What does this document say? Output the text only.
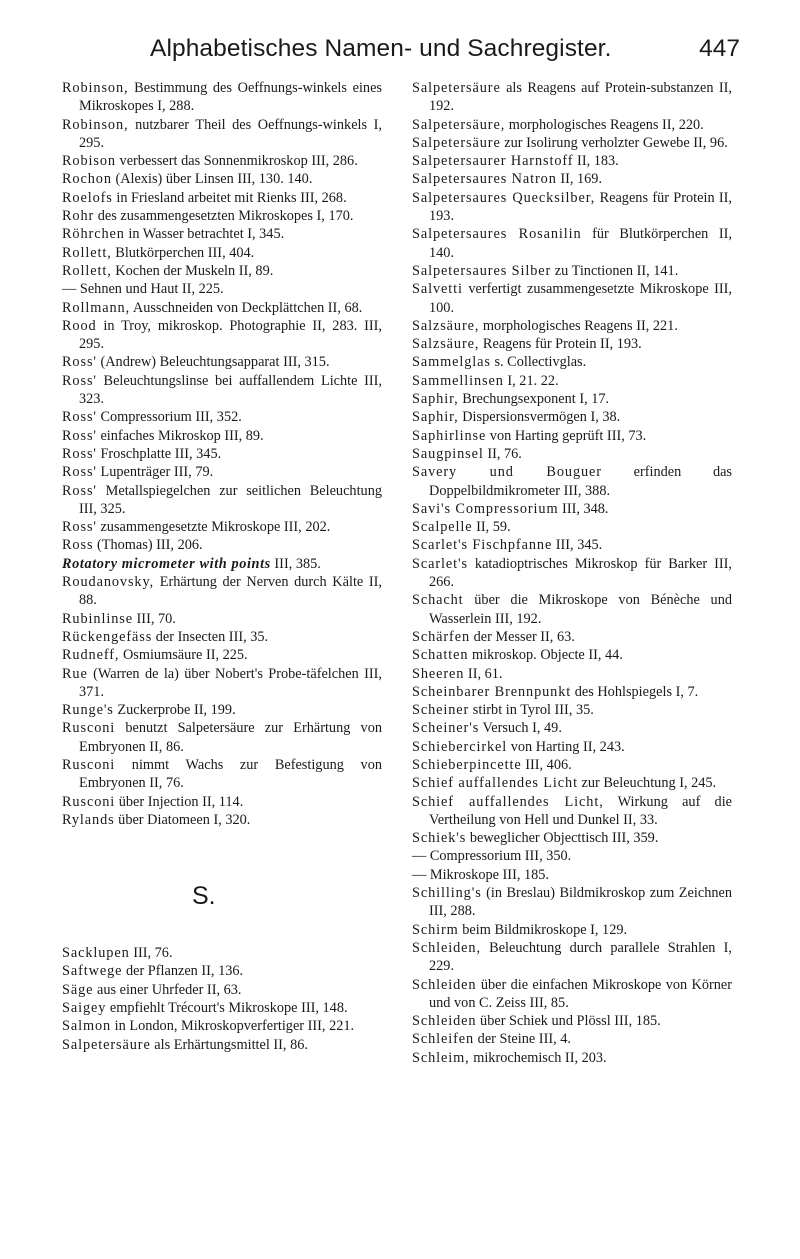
Alphabetisches Namen- und Sachregister.	447

Robinson, Bestimmung des Oeffnungs-winkels eines Mikroskopes I, 288.

Robinson, nutzbarer Theil des Oeffnungs-winkels I, 295.

Robison verbessert das Sonnenmikroskop III, 286.

Rochon (Alexis) über Linsen III, 130. 140.

Roelofs in Friesland arbeitet mit Rienks III, 268.

Rohr des zusammengesetzten Mikroskopes I, 170.

Röhrchen in Wasser betrachtet I, 345.

Rollett, Blutkörperchen III, 404.

Rollett, Kochen der Muskeln II, 89.

— Sehnen und Haut II, 225.

Rollmann, Ausschneiden von Deckplättchen II, 68.

Rood in Troy, mikroskop. Photographie II, 283. III, 295.

Ross' (Andrew) Beleuchtungsapparat III, 315.

Ross' Beleuchtungslinse bei auffallendem Lichte III, 323.

Ross' Compressorium III, 352.

Ross' einfaches Mikroskop III, 89.

Ross' Froschplatte III, 345.

Ross' Lupenträger III, 79.

Ross' Metallspiegelchen zur seitlichen Beleuchtung III, 325.

Ross' zusammengesetzte Mikroskope III, 202.

Ross (Thomas) III, 206.

Rotatory micrometer with points III, 385.

Roudanovsky, Erhärtung der Nerven durch Kälte II, 88.

Rubinlinse III, 70.

Rückengefäss der Insecten III, 35.

Rudneff, Osmiumsäure II, 225.

Rue (Warren de la) über Nobert's Probe-täfelchen III, 371.

Runge's Zuckerprobe II, 199.

Rusconi benutzt Salpetersäure zur Erhärtung von Embryonen II, 86.

Rusconi nimmt Wachs zur Befestigung von Embryonen II, 76.

Rusconi über Injection II, 114.

Rylands über Diatomeen I, 320.

S.

Sacklupen III, 76.

Saftwege der Pflanzen II, 136.

Säge aus einer Uhrfeder II, 63.

Saigey empfiehlt Trécourt's Mikroskope III, 148.

Salmon in London, Mikroskopverfertiger III, 221.

Salpetersäure als Erhärtungsmittel II, 86.

Salpetersäure als Reagens auf Protein-substanzen II, 192.

Salpetersäure, morphologisches Reagens II, 220.

Salpetersäure zur Isolirung verholzter Gewebe II, 96.

Salpetersaurer Harnstoff II, 183.

Salpetersaures Natron II, 169.

Salpetersaures Quecksilber, Reagens für Protein II, 193.

Salpetersaures Rosanilin für Blutkörperchen II, 140.

Salpetersaures Silber zu Tinctionen II, 141.

Salvetti verfertigt zusammengesetzte Mikroskope III, 100.

Salzsäure, morphologisches Reagens II, 221.

Salzsäure, Reagens für Protein II, 193.

Sammelglas s. Collectivglas.

Sammellinsen I, 21. 22.

Saphir, Brechungsexponent I, 17.

Saphir, Dispersionsvermögen I, 38.

Saphirlinse von Harting geprüft III, 73.

Saugpinsel II, 76.

Savery und Bouguer erfinden das Doppelbildmikrometer III, 388.

Savi's Compressorium III, 348.

Scalpelle II, 59.

Scarlet's Fischpfanne III, 345.

Scarlet's katadioptrisches Mikroskop für Barker III, 266.

Schacht über die Mikroskope von Bénèche und Wasserlein III, 192.

Schärfen der Messer II, 63.

Schatten mikroskop. Objecte II, 44.

Sheeren II, 61.

Scheinbarer Brennpunkt des Hohlspiegels I, 7.

Scheiner stirbt in Tyrol III, 35.

Scheiner's Versuch I, 49.

Schiebercirkel von Harting II, 243.

Schieberpincette III, 406.

Schief auffallendes Licht zur Beleuchtung I, 245.

Schief auffallendes Licht, Wirkung auf die Vertheilung von Hell und Dunkel II, 33.

Schiek's beweglicher Objecttisch III, 359.

— Compressorium III, 350.

— Mikroskope III, 185.

Schilling's (in Breslau) Bildmikroskop zum Zeichnen III, 288.

Schirm beim Bildmikroskope I, 129.

Schleiden, Beleuchtung durch parallele Strahlen I, 229.

Schleiden über die einfachen Mikroskope von Körner und von C. Zeiss III, 85.

Schleiden über Schiek und Plössl III, 185.

Schleifen der Steine III, 4.

Schleim, mikrochemisch II, 203.
